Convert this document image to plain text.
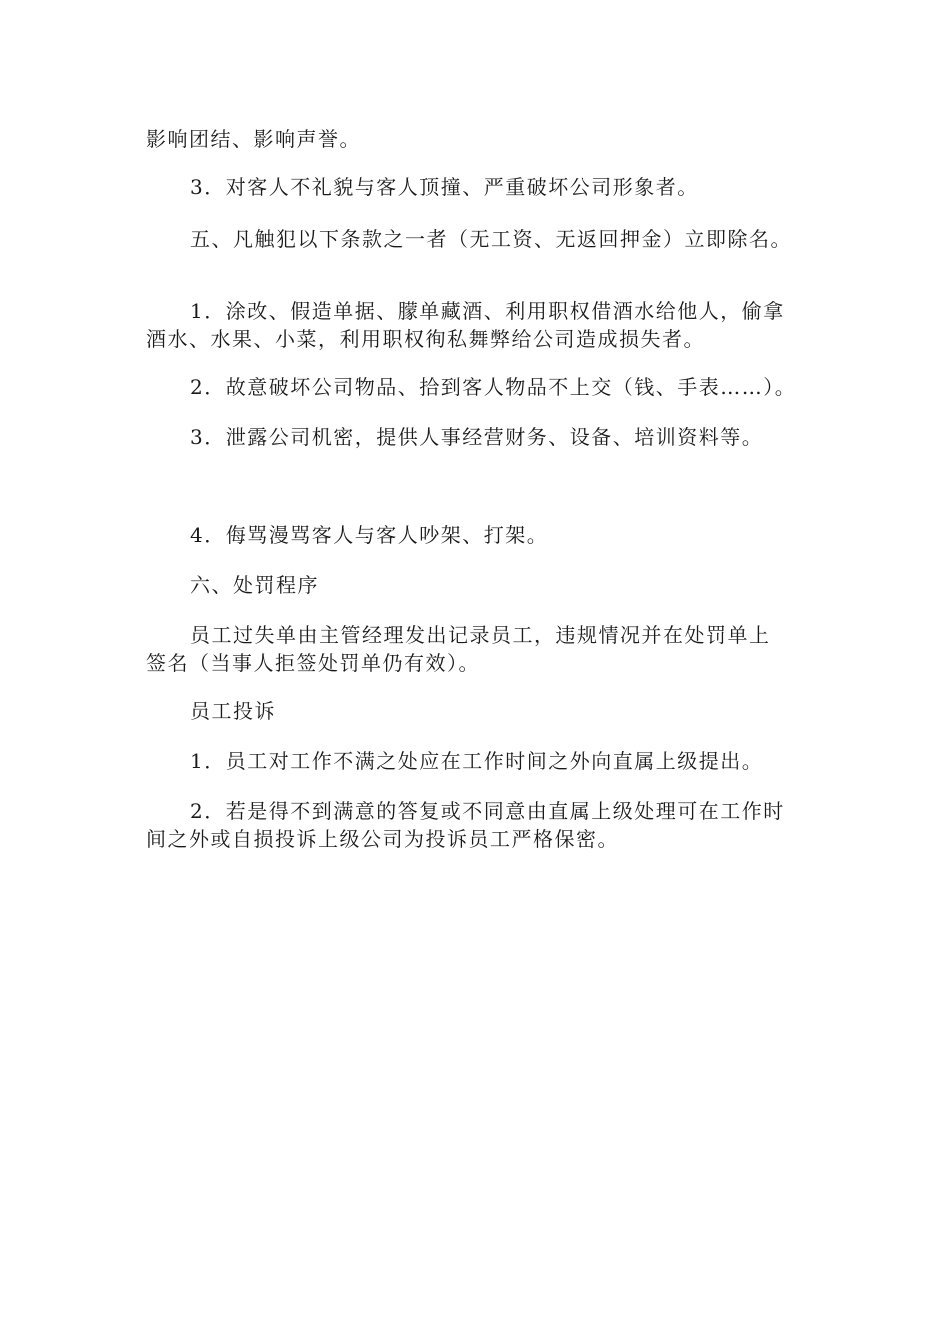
影响团结、影响声誉。

3．对客人不礼貌与客人顶撞、严重破坏公司形象者。

五、凡触犯以下条款之一者（无工资、无返回押金）立即除名。

1．涂改、假造单据、朦单藏酒、利用职权借酒水给他人，偷拿

酒水、水果、小菜，利用职权徇私舞弊给公司造成损失者。

2．故意破坏公司物品、拾到客人物品不上交（钱、手表……）。

3．泄露公司机密，提供人事经营财务、设备、培训资料等。

4．侮骂漫骂客人与客人吵架、打架。

六、处罚程序

员工过失单由主管经理发出记录员工，违规情况并在处罚单上

签名（当事人拒签处罚单仍有效）。

员工投诉

1．员工对工作不满之处应在工作时间之外向直属上级提出。

2．若是得不到满意的答复或不同意由直属上级处理可在工作时

间之外或自损投诉上级公司为投诉员工严格保密。
